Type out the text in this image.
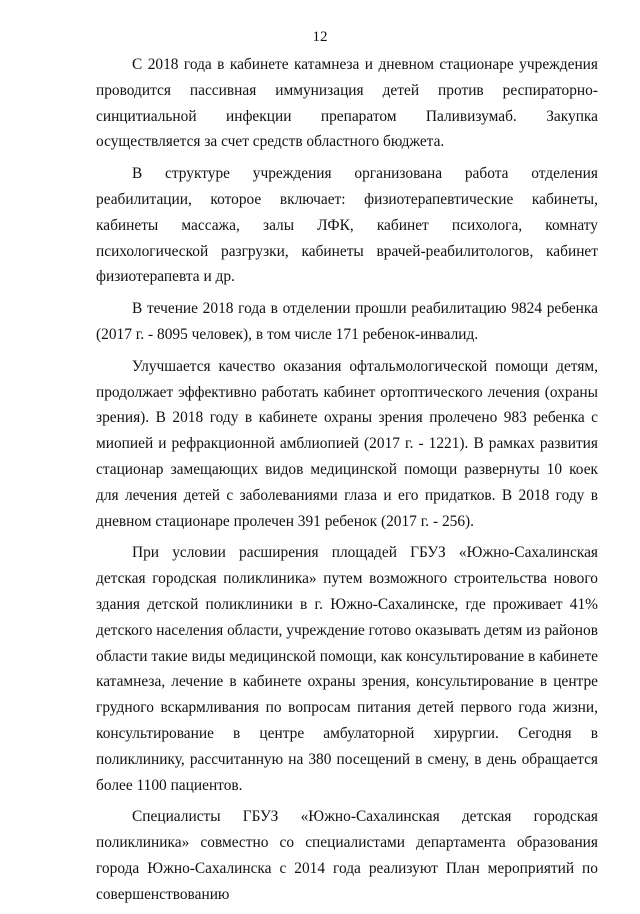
12

С 2018 года в кабинете катамнеза и дневном стационаре учреждения проводится пассивная иммунизация детей против респираторно-синцитиальной инфекции препаратом Паливизумаб. Закупка осуществляется за счет средств областного бюджета.

В структуре учреждения организована работа отделения реабилитации, которое включает: физиотерапевтические кабинеты, кабинеты массажа, залы ЛФК, кабинет психолога, комнату психологической разгрузки, кабинеты врачей-реабилитологов, кабинет физиотерапевта и др.

В течение 2018 года в отделении прошли реабилитацию 9824 ребенка (2017 г. - 8095 человек), в том числе 171 ребенок-инвалид.

Улучшается качество оказания офтальмологической помощи детям, продолжает эффективно работать кабинет ортоптического лечения (охраны зрения). В 2018 году в кабинете охраны зрения пролечено 983 ребенка с миопией и рефракционной амблиопией (2017 г. - 1221). В рамках развития стационар замещающих видов медицинской помощи развернуты 10 коек для лечения детей с заболеваниями глаза и его придатков. В 2018 году в дневном стационаре пролечен 391 ребенок (2017 г. - 256).

При условии расширения площадей ГБУЗ «Южно-Сахалинская детская городская поликлиника» путем возможного строительства нового здания детской поликлиники в г. Южно-Сахалинске, где проживает 41% детского населения области, учреждение готово оказывать детям из районов области такие виды медицинской помощи, как консультирование в кабинете катамнеза, лечение в кабинете охраны зрения, консультирование в центре грудного вскармливания по вопросам питания детей первого года жизни, консультирование в центре амбулаторной хирургии. Сегодня в поликлинику, рассчитанную на 380 посещений в смену, в день обращается более 1100 пациентов.

Специалисты ГБУЗ «Южно-Сахалинская детская городская поликлиника» совместно со специалистами департамента образования города Южно-Сахалинска с 2014 года реализуют План мероприятий по совершенствованию
